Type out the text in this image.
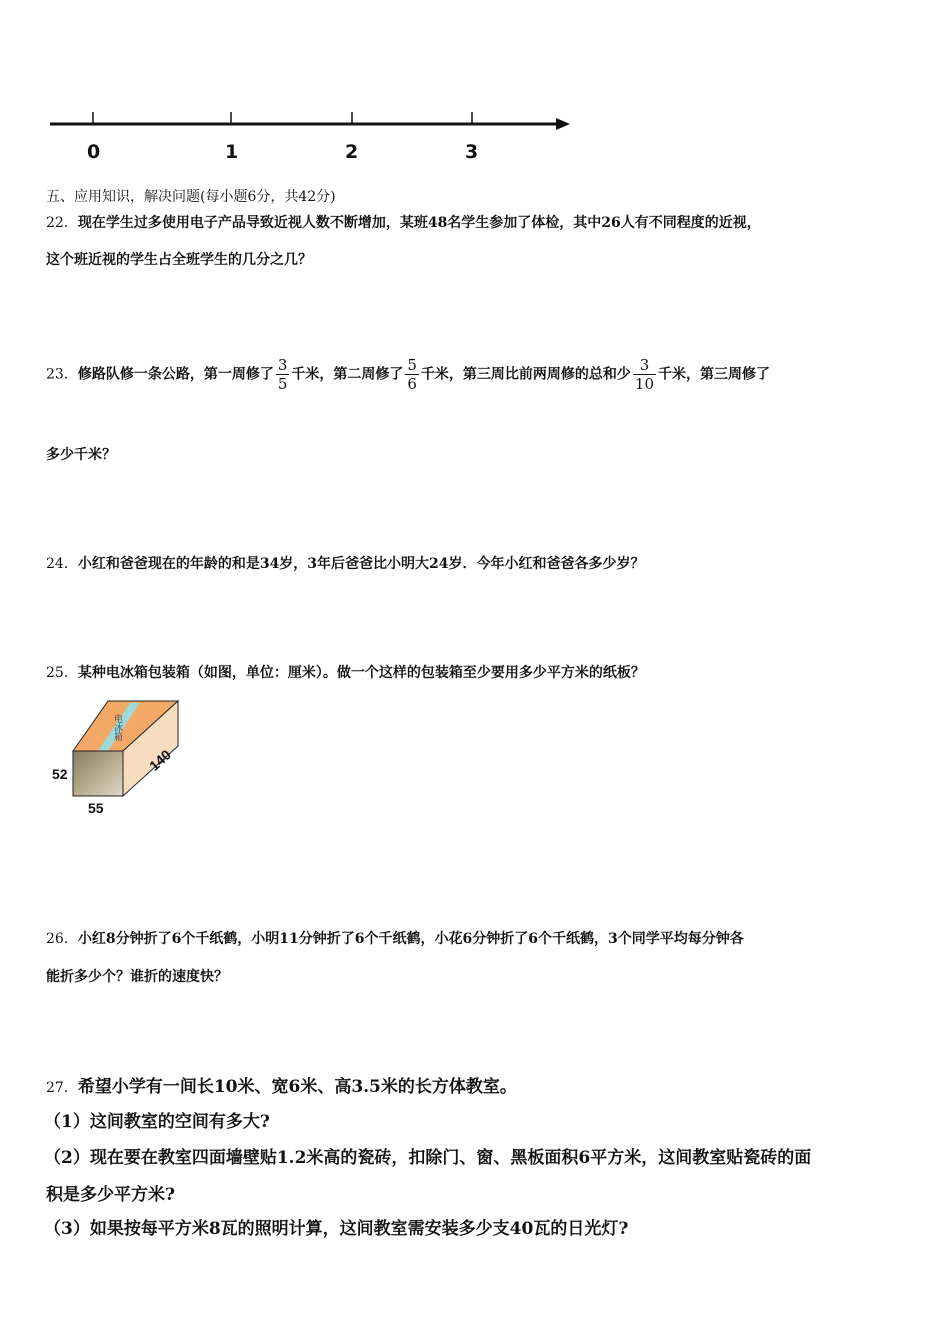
0	1	2	3
五、应用知识，解决问题(每小题6分，共42分)
22．现在学生过多使用电子产品导致近视人数不断增加，某班48名学生参加了体检，其中26人有不同程度的近视，
这个班近视的学生占全班学生的几分之几？
23．修路队修一条公路，第一周修了 $\frac{3}{5}$ 千米，第二周修了 $\frac{5}{6}$ 千米，第三周比前两周修的总和少 $\frac{3}{10}$ 千米，第三周修了
多少千米？
24．小红和爸爸现在的年龄的和是34岁，3年后爸爸比小明大24岁．今年小红和爸爸各多少岁？
25．某种电冰箱包装箱（如图，单位：厘米）。做一个这样的包装箱至少要用多少平方米的纸板？
电冰箱
52
55
140
26．小红8分钟折了6个千纸鹤，小明11分钟折了6个千纸鹤，小花6分钟折了6个千纸鹤，3个同学平均每分钟各
能折多少个？谁折的速度快？
27．希望小学有一间长10米、宽6米、高3.5米的长方体教室。
（1）这间教室的空间有多大?
（2）现在要在教室四面墙壁贴1.2米高的瓷砖，扣除门、窗、黑板面积6平方米，这间教室贴瓷砖的面
积是多少平方米?
（3）如果按每平方米8瓦的照明计算，这间教室需安装多少支40瓦的日光灯?
